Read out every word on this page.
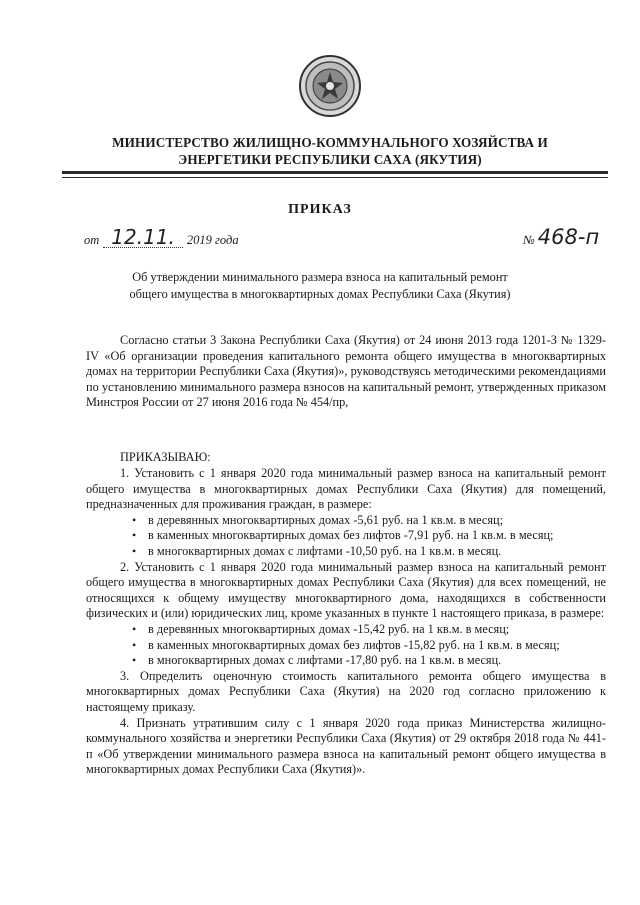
МИНИСТЕРСТВО ЖИЛИЩНО-КОММУНАЛЬНОГО ХОЗЯЙСТВА И
ЭНЕРГЕТИКИ РЕСПУБЛИКИ САХА (ЯКУТИЯ)
ПРИКАЗ
от 12.11. 2019 года	№ 468-п
Об утверждении минимального размера взноса на капитальный ремонт
общего имущества в многоквартирных домах Республики Саха (Якутия)
Согласно статьи 3 Закона Республики Саха (Якутия) от 24 июня 2013 года 1201-З № 1329-IV «Об организации проведения капитального ремонта общего имущества в многоквартирных домах на территории Республики Саха (Якутия)», руководствуясь методическими рекомендациями по установлению минимального размера взносов на капитальный ремонт, утвержденных приказом Минстроя России от 27 июня 2016 года № 454/пр,
ПРИКАЗЫВАЮ:

1. Установить с 1 января 2020 года минимальный размер взноса на капитальный ремонт общего имущества в многоквартирных домах Республики Саха (Якутия) для помещений, предназначенных для проживания граждан, в размере:

• в деревянных многоквартирных домах -5,61 руб. на 1 кв.м. в месяц;
• в каменных многоквартирных домах без лифтов -7,91 руб. на 1 кв.м. в месяц;
• в многоквартирных домах с лифтами -10,50 руб. на 1 кв.м. в месяц.

2. Установить с 1 января 2020 года минимальный размер взноса на капитальный ремонт общего имущества в многоквартирных домах Республики Саха (Якутия) для всех помещений, не относящихся к общему имуществу многоквартирного дома, находящихся в собственности физических и (или) юридических лиц, кроме указанных в пункте 1 настоящего приказа, в размере:

• в деревянных многоквартирных домах -15,42 руб. на 1 кв.м. в месяц;
• в каменных многоквартирных домах без лифтов -15,82 руб. на 1 кв.м. в месяц;
• в многоквартирных домах с лифтами -17,80 руб. на 1 кв.м. в месяц.

3. Определить оценочную стоимость капитального ремонта общего имущества в многоквартирных домах Республики Саха (Якутия) на 2020 год согласно приложению к настоящему приказу.

4. Признать утратившим силу с 1 января 2020 года приказ Министерства жилищно-коммунального хозяйства и энергетики Республики Саха (Якутия) от 29 октября 2018 года № 441-п «Об утверждении минимального размера взноса на капитальный ремонт общего имущества в многоквартирных домах Республики Саха (Якутия)».
